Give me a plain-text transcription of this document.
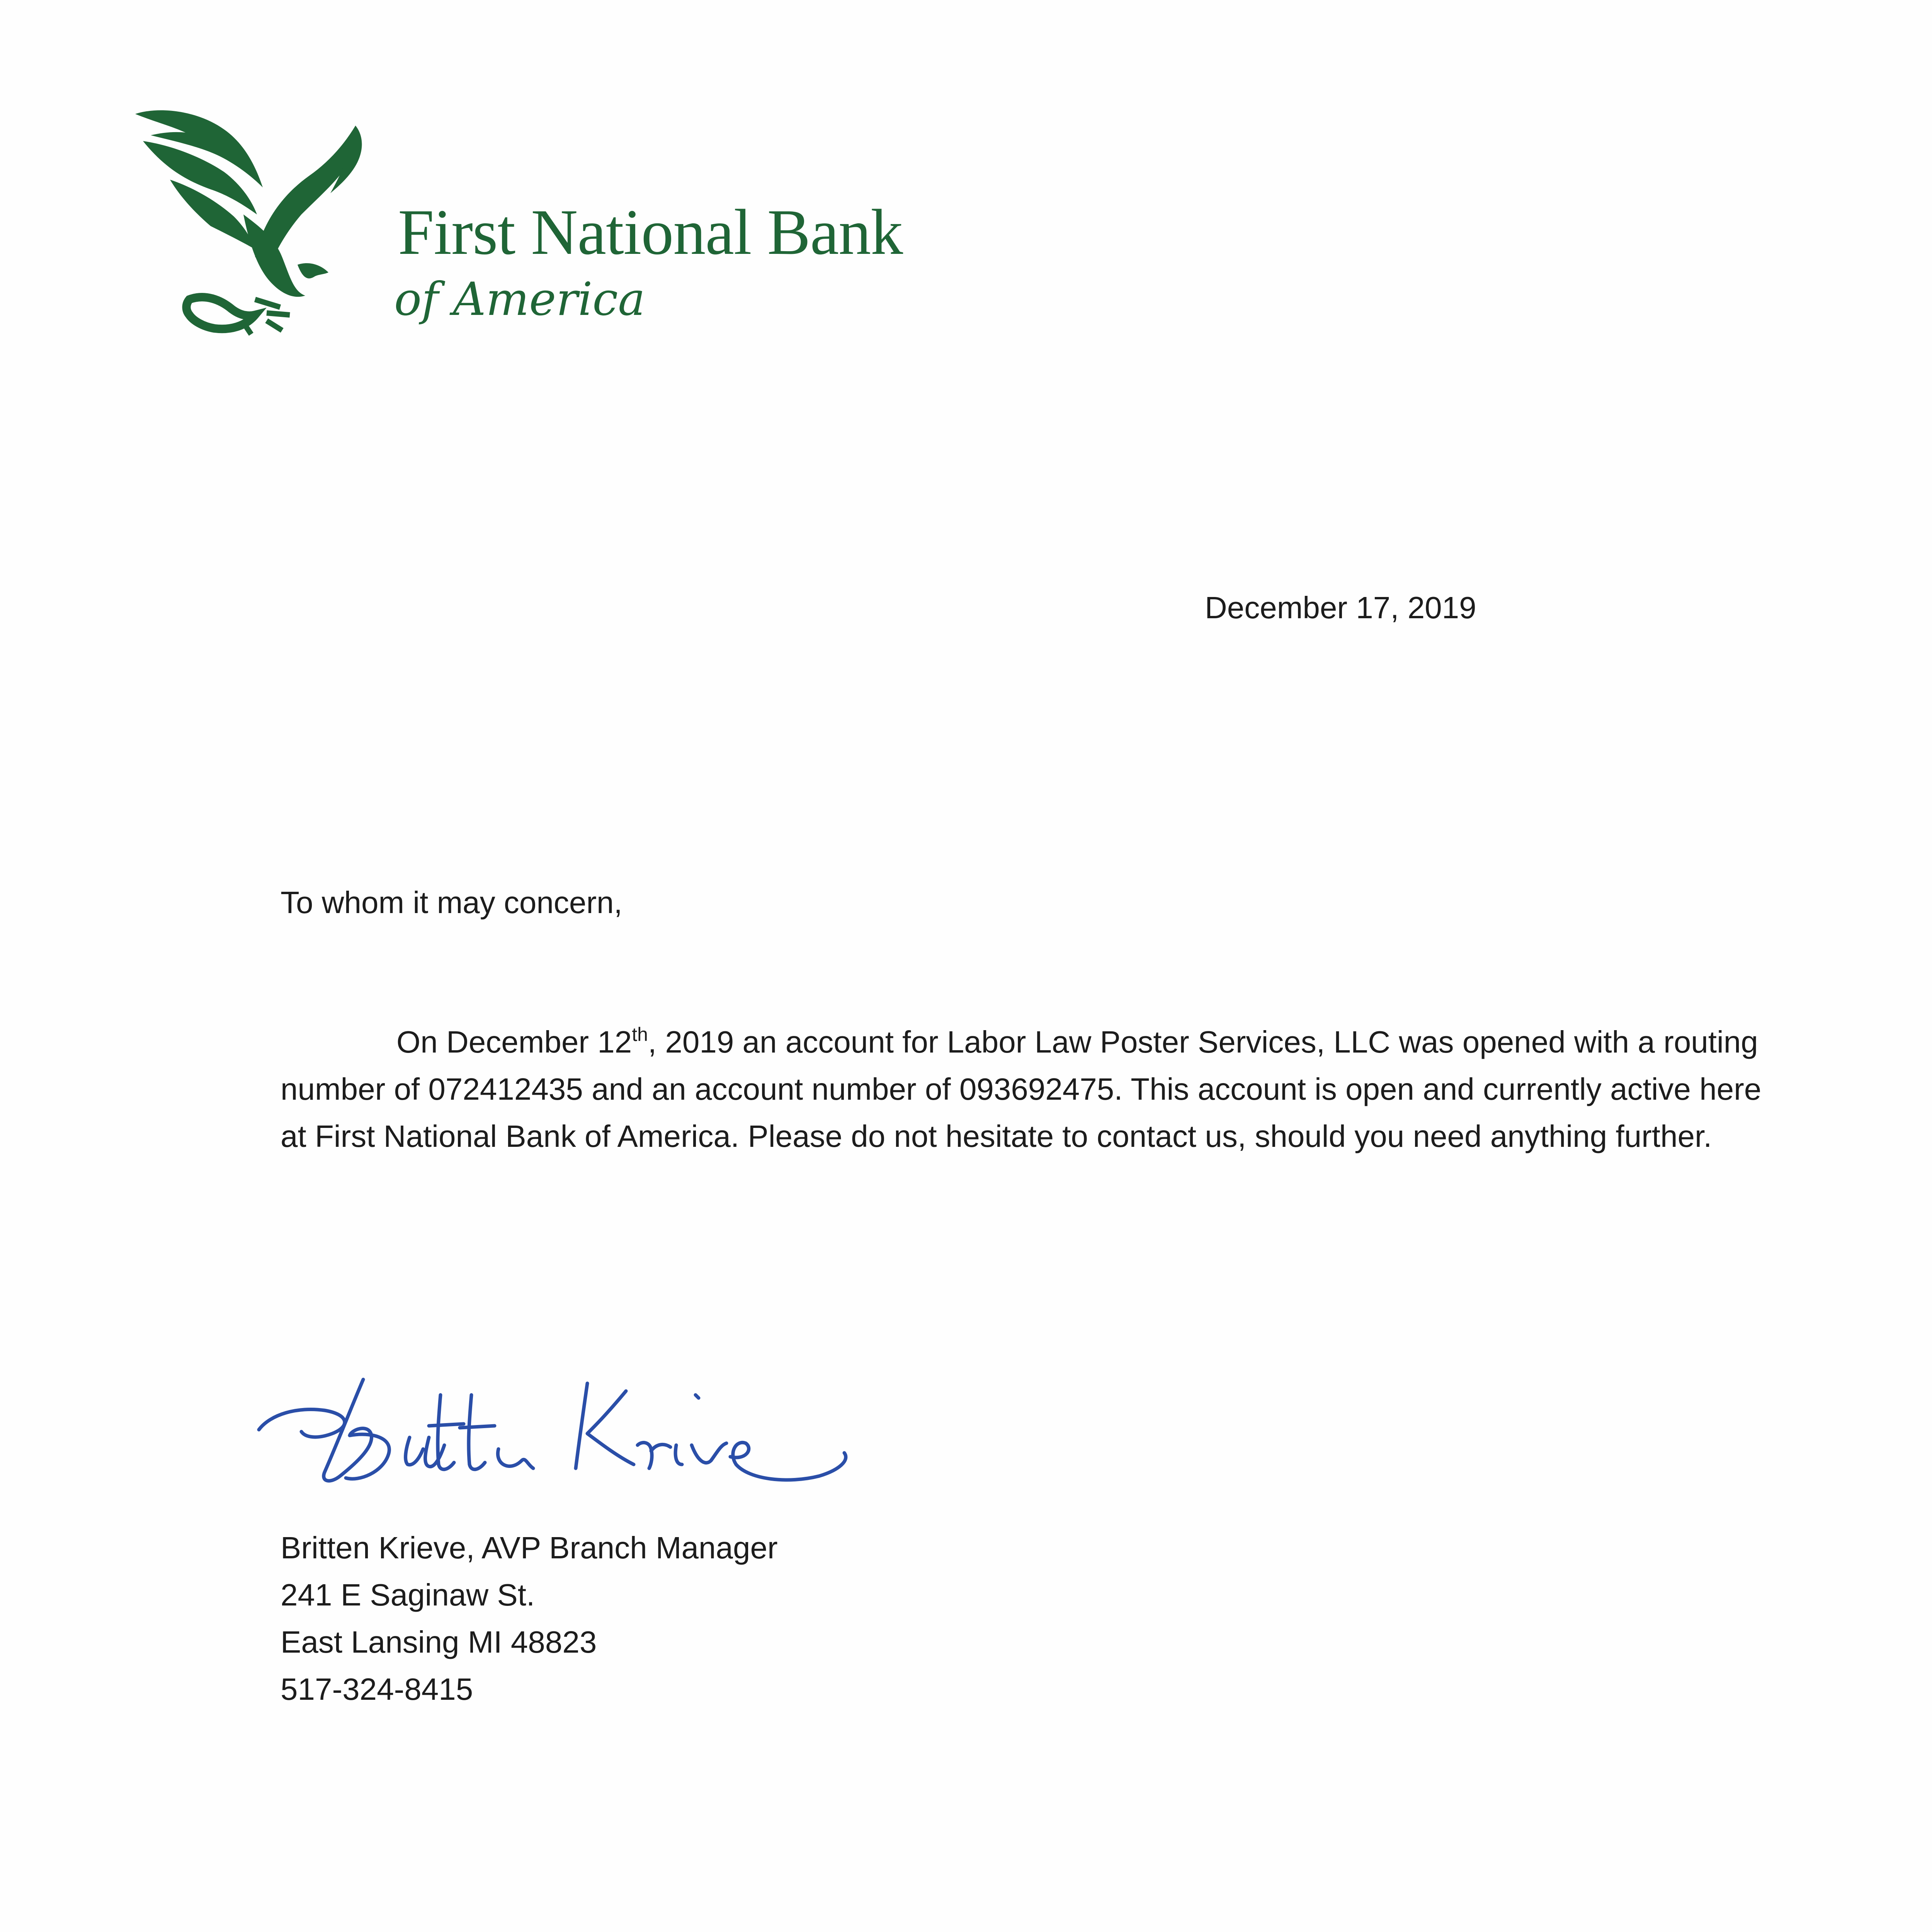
First National Bank
of America
December 17, 2019
To whom it may concern,
On December 12th, 2019 an account for Labor Law Poster Services, LLC was opened with a routing number of 072412435 and an account number of 093692475. This account is open and currently active here at First National Bank of America. Please do not hesitate to contact us, should you need anything further.
Britten Krieve, AVP Branch Manager
241 E Saginaw St.
East Lansing MI 48823
517-324-8415
